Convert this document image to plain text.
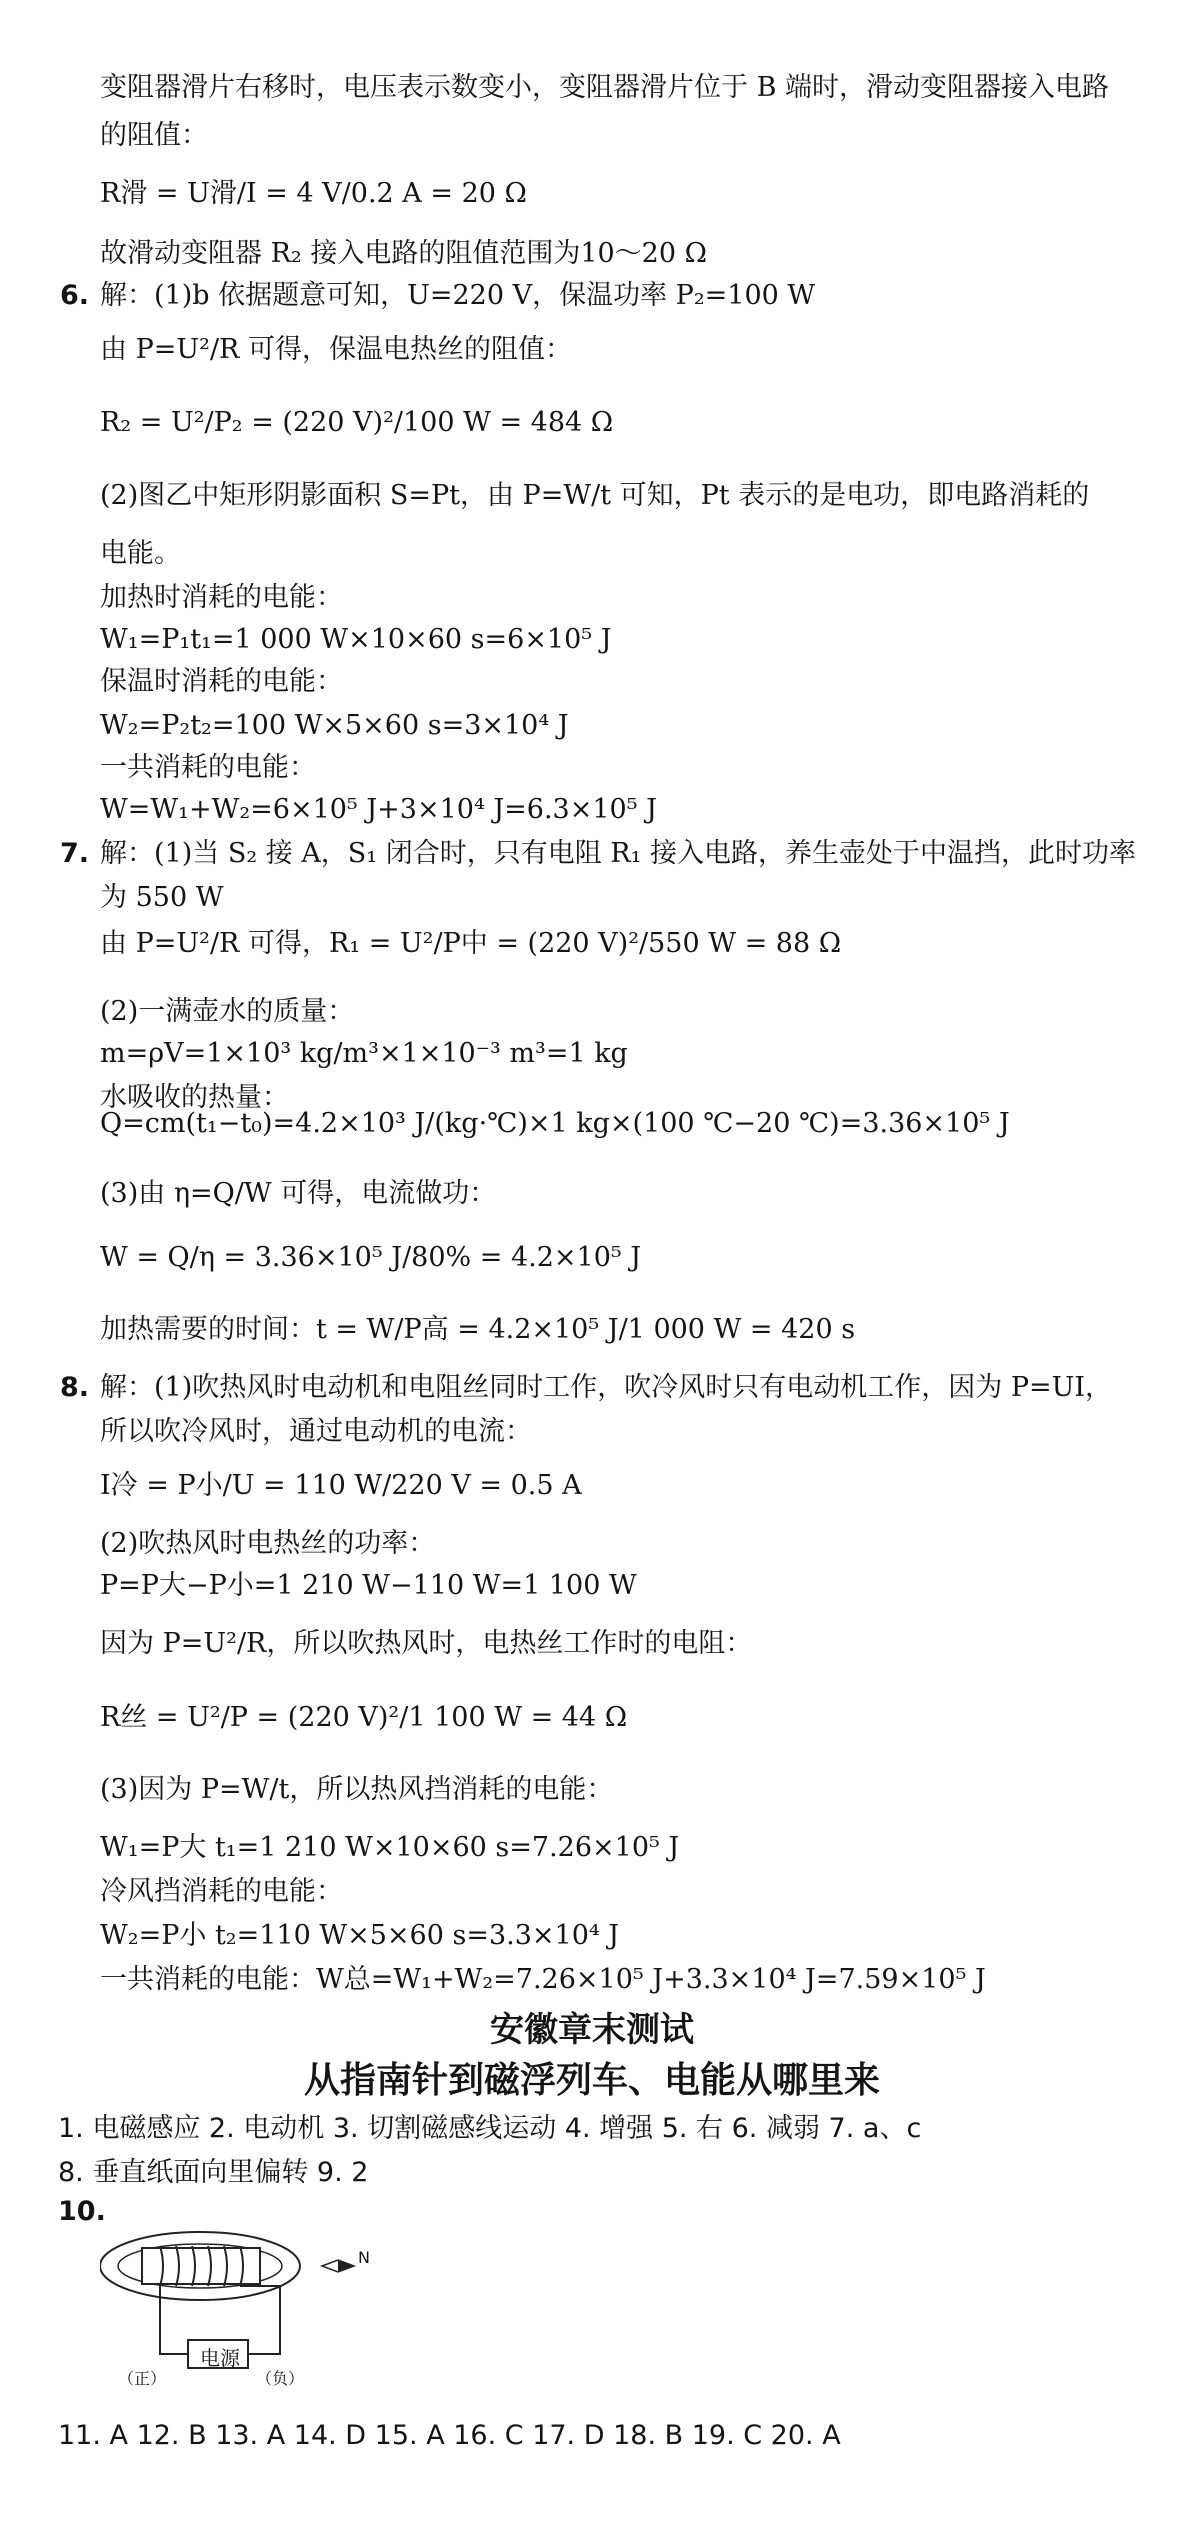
变阻器滑片右移时，电压表示数变小，变阻器滑片位于 B 端时，滑动变阻器接入电路
的阻值：
R滑 = U滑/I = 4 V/0.2 A = 20 Ω
故滑动变阻器 R₂ 接入电路的阻值范围为10～20 Ω
6. 解：(1)b 依据题意可知，U=220 V，保温功率 P₂=100 W
由 P=U²/R 可得，保温电热丝的阻值：
R₂ = U²/P₂ = (220 V)²/100 W = 484 Ω
(2)图乙中矩形阴影面积 S=Pt，由 P=W/t 可知，Pt 表示的是电功，即电路消耗的
电能。
加热时消耗的电能：
W₁=P₁t₁=1 000 W×10×60 s=6×10⁵ J
保温时消耗的电能：
W₂=P₂t₂=100 W×5×60 s=3×10⁴ J
一共消耗的电能：
W=W₁+W₂=6×10⁵ J+3×10⁴ J=6.3×10⁵ J
7. 解：(1)当 S₂ 接 A，S₁ 闭合时，只有电阻 R₁ 接入电路，养生壶处于中温挡，此时功率
为 550 W
由 P=U²/R 可得，R₁ = U²/P中 = (220 V)²/550 W = 88 Ω
(2)一满壶水的质量：
m=ρV=1×10³ kg/m³×1×10⁻³ m³=1 kg
水吸收的热量：
Q=cm(t₁−t₀)=4.2×10³ J/(kg·℃)×1 kg×(100 ℃−20 ℃)=3.36×10⁵ J
(3)由 η=Q/W 可得，电流做功：
W = Q/η = 3.36×10⁵ J/80% = 4.2×10⁵ J
加热需要的时间：t = W/P高 = 4.2×10⁵ J/1 000 W = 420 s
8. 解：(1)吹热风时电动机和电阻丝同时工作，吹冷风时只有电动机工作，因为 P=UI，
所以吹冷风时，通过电动机的电流：
I冷 = P小/U = 110 W/220 V = 0.5 A
(2)吹热风时电热丝的功率：
P=P大−P小=1 210 W−110 W=1 100 W
因为 P=U²/R，所以吹热风时，电热丝工作时的电阻：
R丝 = U²/P = (220 V)²/1 100 W = 44 Ω
(3)因为 P=W/t，所以热风挡消耗的电能：
W₁=P大 t₁=1 210 W×10×60 s=7.26×10⁵ J
冷风挡消耗的电能：
W₂=P小 t₂=110 W×5×60 s=3.3×10⁴ J
一共消耗的电能：W总=W₁+W₂=7.26×10⁵ J+3.3×10⁴ J=7.59×10⁵ J
安徽章末测试
从指南针到磁浮列车、电能从哪里来
1. 电磁感应 2. 电动机 3. 切割磁感线运动 4. 增强 5. 右 6. 减弱 7. a、c
8. 垂直纸面向里偏转 9. 2
10.
电源
（正）	（负）
N
11. A 12. B 13. A 14. D 15. A 16. C 17. D 18. B 19. C 20. A
